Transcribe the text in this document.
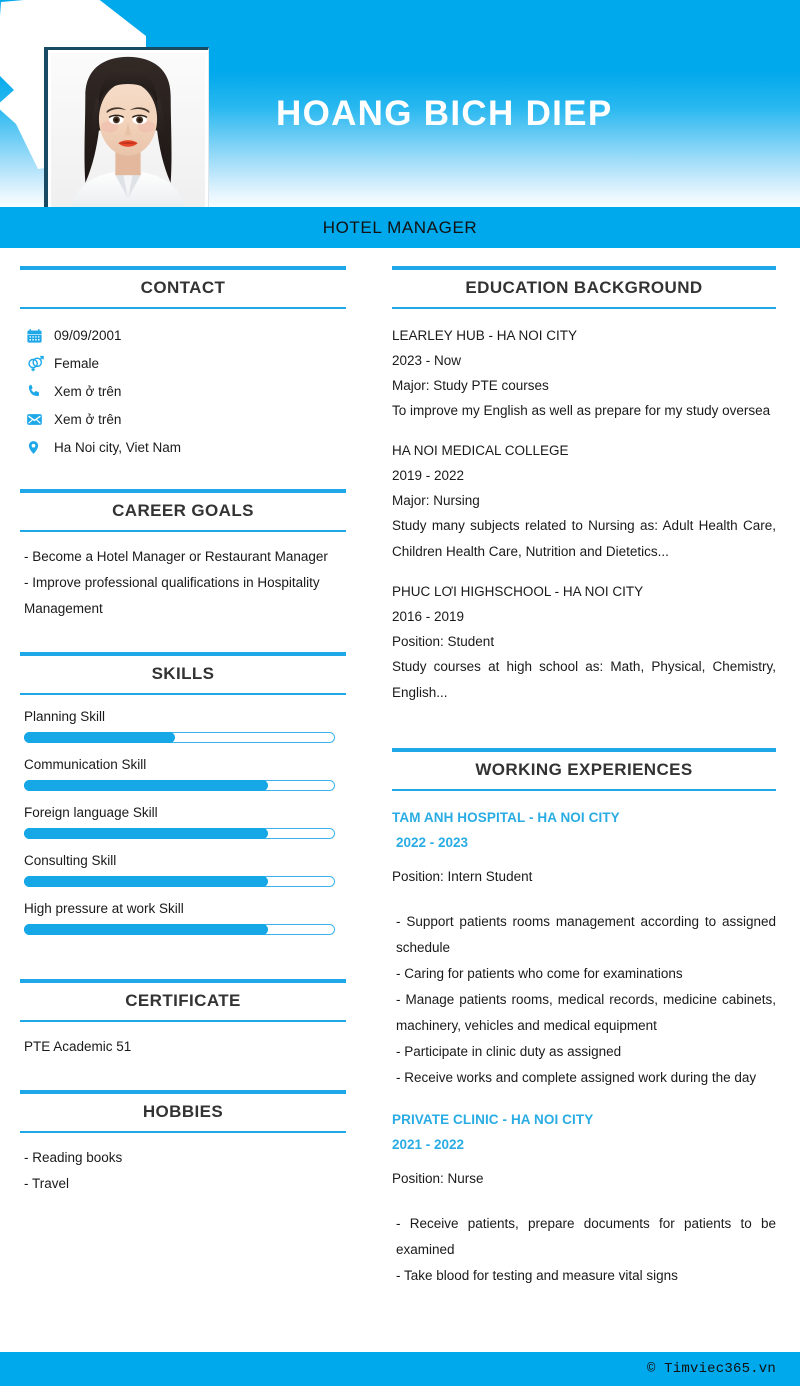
HOANG BICH DIEP
HOTEL MANAGER
CONTACT
09/09/2001
Female
Xem ở trên
Xem ở trên
Ha Noi city, Viet Nam
CAREER GOALS
- Become a Hotel Manager or Restaurant Manager
- Improve professional qualifications in Hospitality Management
SKILLS
Planning Skill
Communication Skill
Foreign language Skill
Consulting Skill
High pressure at work Skill
CERTIFICATE
PTE Academic 51
HOBBIES
- Reading books
- Travel
EDUCATION BACKGROUND
LEARLEY HUB - HA NOI CITY
2023 - Now
Major: Study PTE courses
To improve my English as well as prepare for my study oversea
HA NOI MEDICAL COLLEGE
2019 - 2022
Major: Nursing
Study many subjects related to Nursing as: Adult Health Care, Children Health Care, Nutrition and Dietetics...
PHUC LƠI HIGHSCHOOL - HA NOI CITY
2016 - 2019
Position: Student
Study courses at high school as: Math, Physical, Chemistry, English...
WORKING EXPERIENCES
TAM ANH HOSPITAL - HA NOI CITY
2022 - 2023
Position: Intern Student
- Support patients rooms management according to assigned schedule
- Caring for patients who come for examinations
- Manage patients rooms, medical records, medicine cabinets, machinery, vehicles and medical equipment
- Participate in clinic duty as assigned
- Receive works and complete assigned work during the day
PRIVATE CLINIC - HA NOI CITY
2021 - 2022
Position: Nurse
- Receive patients, prepare documents for patients to be examined
- Take blood for testing and measure vital signs
© Timviec365.vn
